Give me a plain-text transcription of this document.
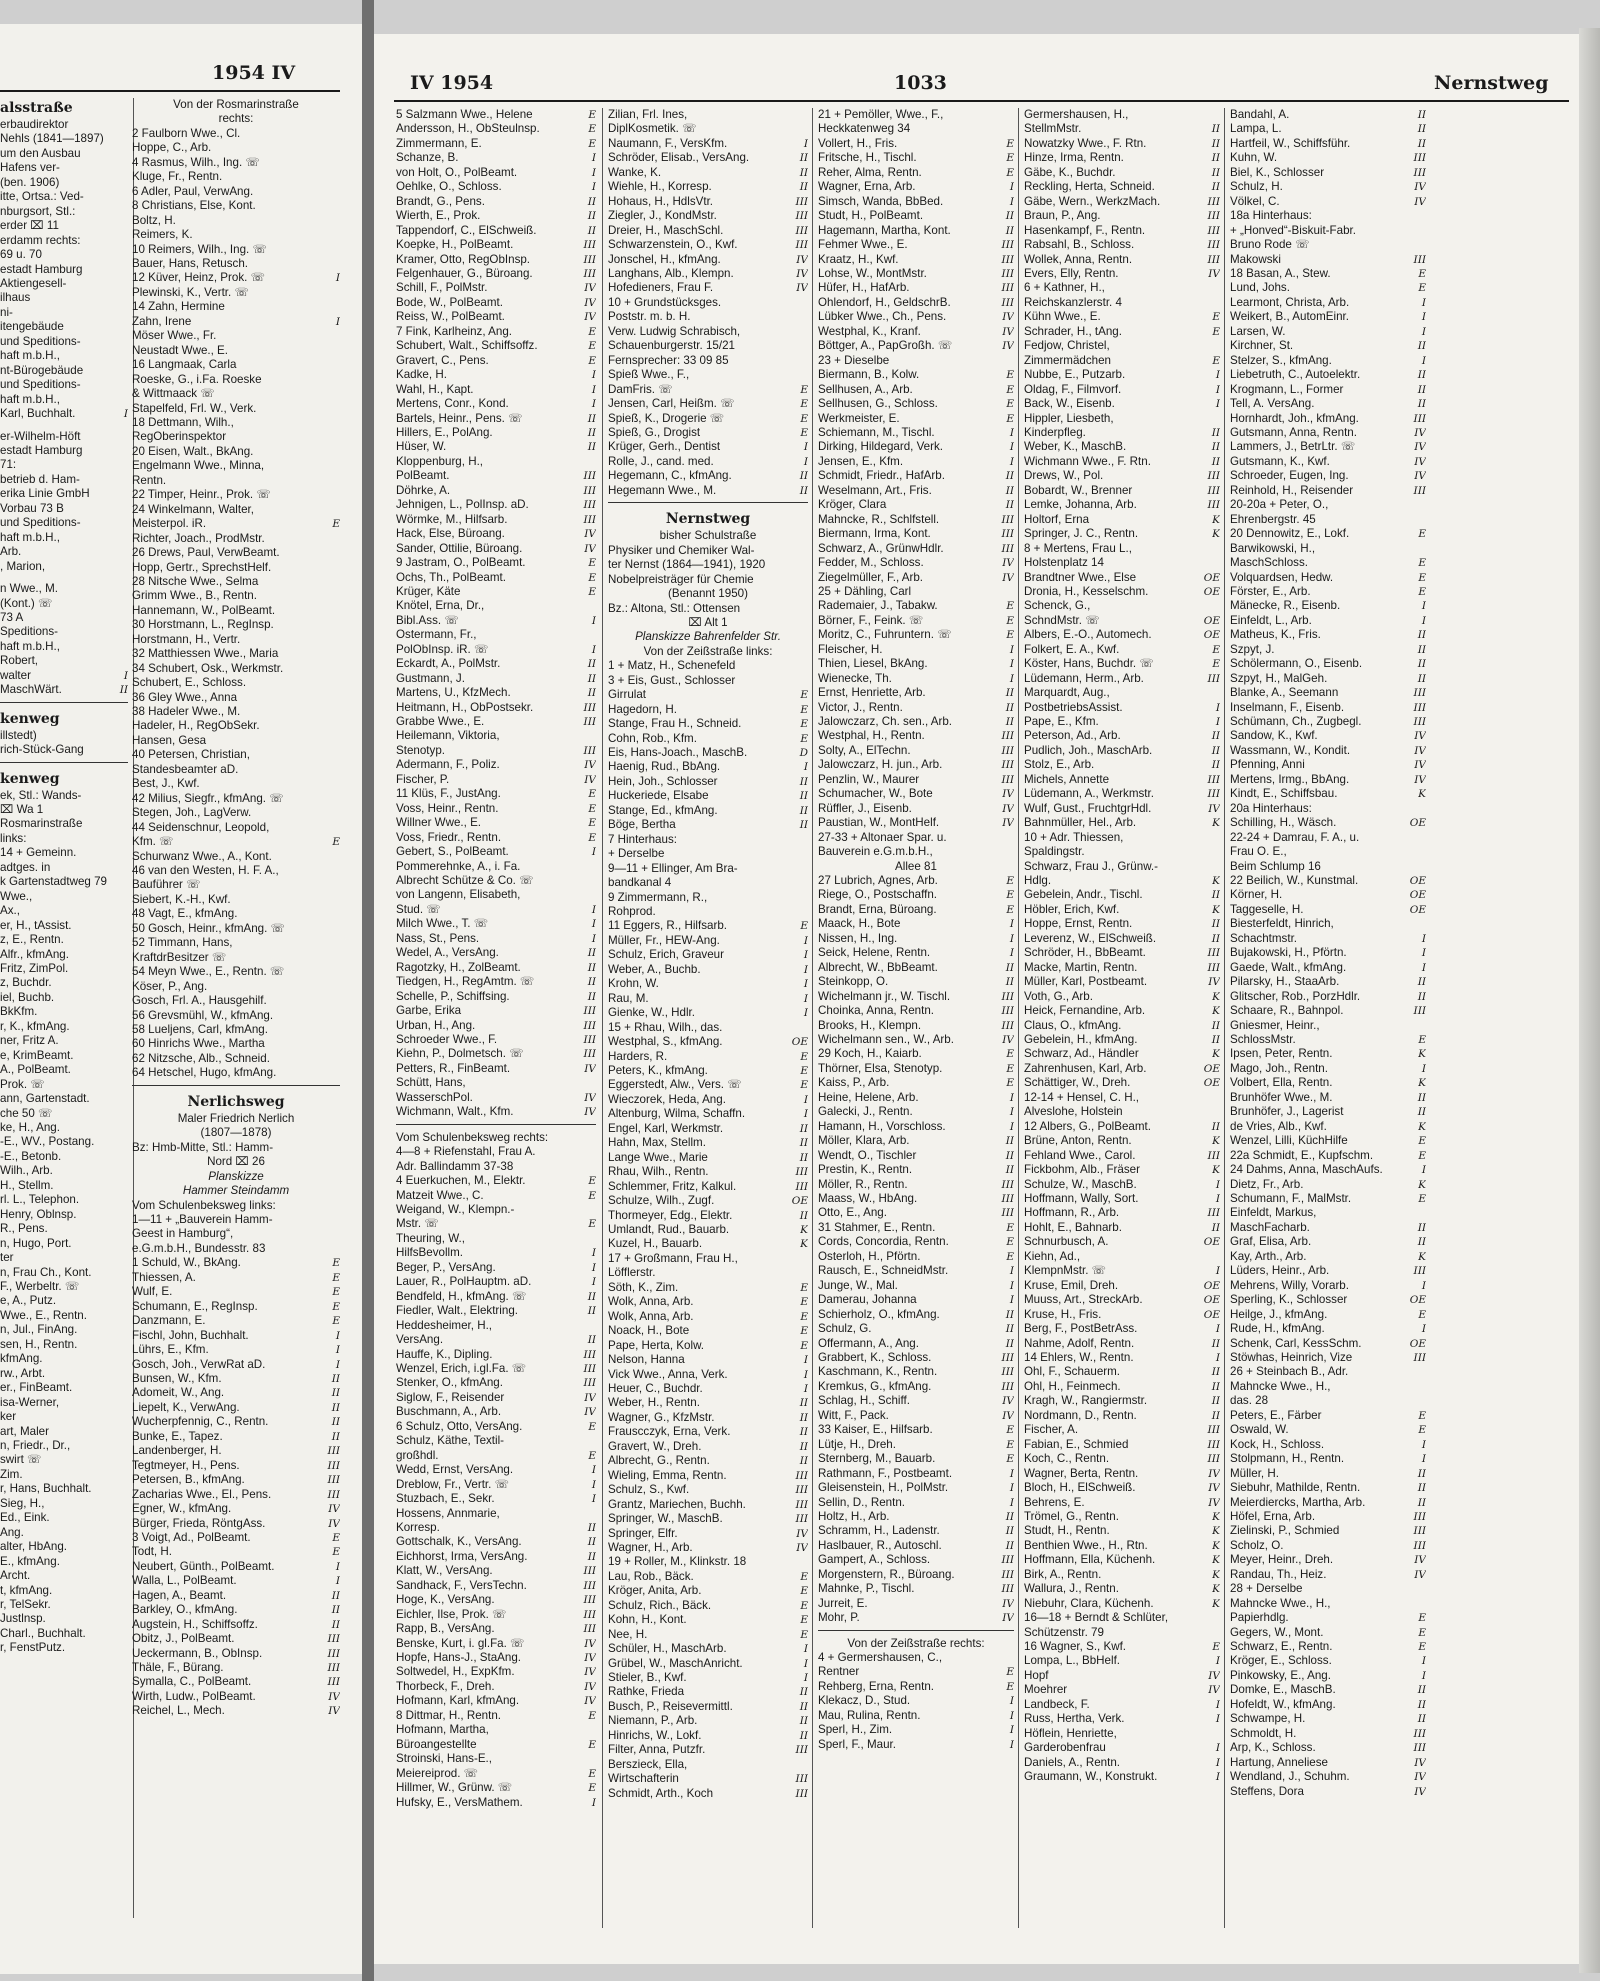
1954 IV
alsstraße
erbaudirektor
Nehls (1841—1897)
um den Ausbau
Hafens ver-
(ben. 1906)
itte, Ortsa.: Ved-
nburgsort, Stl.:
erder ⌧ 11
erdamm rechts:
69 u. 70
estadt Hamburg
Aktiengesell-
ilhaus
ni-
itengebäude
und Speditions-
haft m.b.H.,
nt-Bürogebäude
und Speditions-
haft m.b.H.,
Karl, Buchhalt.	I
er-Wilhelm-Höft
estadt Hamburg
71:
betrieb d. Ham-
erika Linie GmbH
Vorbau 73 B
und Speditions-
haft m.b.H.,
Arb.
, Marion,
n Wwe., M.
(Kont.) ☏
73 A
Speditions-
haft m.b.H.,
Robert,
walter	I
MaschWärt.	II
kenweg
illstedt)
rich-Stück-Gang
kenweg
ek, Stl.: Wands-
⌧ Wa 1
Rosmarinstraße
links:
14 + Gemeinn.
adtges. in
k Gartenstadtweg 79
Wwe.,
Ax.,
er, H., tAssist.
z, E., Rentn.
Alfr., kfmAng.
Fritz, ZimPol.
z, Buchdr.
iel, Buchb.
BkKfm.
r, K., kfmAng.
ner, Fritz A.
e, KrimBeamt.
A., PolBeamt.
Prok. ☏
ann, Gartenstadt.
che 50 ☏
ke, H., Ang.
-E., WV., Postang.
-E., Betonb.
Wilh., Arb.
H., Stellm.
rl. L., Telephon.
Henry, Oblnsp.
R., Pens.
n, Hugo, Port.
ter
n, Frau Ch., Kont.
F., Werbeltr. ☏
e, A., Putz.
Wwe., E., Rentn.
n, Jul., FinAng.
sen, H., Rentn.
kfmAng.
rw., Arbt.
er., FinBeamt.
isa-Werner,
ker
art, Maler
n, Friedr., Dr.,
swirt ☏
Zim.
r, Hans, Buchhalt.
Sieg, H.,
Ed., Eink.
Ang.
alter, HbAng.
E., kfmAng.
Archt.
t, kfmAng.
r, TelSekr.
Justlnsp.
Charl., Buchhalt.
r, FenstPutz.
Von der Rosmarinstraße
rechts:
2 Faulborn Wwe., Cl.
Hoppe, C., Arb.
4 Rasmus, Wilh., Ing. ☏
Kluge, Fr., Rentn.
6 Adler, Paul, VerwAng.
8 Christians, Else, Kont.
Boltz, H.
Reimers, K.
10 Reimers, Wilh., Ing. ☏
Bauer, Hans, Retusch.
12 Küver, Heinz, Prok. ☏	I
Plewinski, K., Vertr. ☏
14 Zahn, Hermine
Zahn, Irene	I
Möser Wwe., Fr.
Neustadt Wwe., E.
16 Langmaak, Carla
Roeske, G., i.Fa. Roeske
& Wittmaack ☏
Stapelfeld, Frl. W., Verk.
18 Dettmann, Wilh.,
RegOberinspektor
20 Eisen, Walt., BkAng.
Engelmann Wwe., Minna,
Rentn.
22 Timper, Heinr., Prok. ☏
24 Winkelmann, Walter,
Meisterpol. iR.	E
Richter, Joach., ProdMstr.
26 Drews, Paul, VerwBeamt.
Hopp, Gertr., SprechstHelf.
28 Nitsche Wwe., Selma
Grimm Wwe., B., Rentn.
Hannemann, W., PolBeamt.
30 Horstmann, L., RegInsp.
Horstmann, H., Vertr.
32 Matthiessen Wwe., Maria
34 Schubert, Osk., Werkmstr.
Schubert, E., Schloss.
36 Gley Wwe., Anna
38 Hadeler Wwe., M.
Hadeler, H., RegObSekr.
Hansen, Gesa
40 Petersen, Christian,
Standesbeamter aD.
Best, J., Kwf.
42 Milius, Siegfr., kfmAng. ☏
Stegen, Joh., LagVerw.
44 Seidenschnur, Leopold,
Kfm. ☏	E
Schurwanz Wwe., A., Kont.
46 van den Westen, H. F. A.,
Bauführer ☏
Siebert, K.-H., Kwf.
48 Vagt, E., kfmAng.
50 Gosch, Heinr., kfmAng. ☏
52 Timmann, Hans,
KraftdrBesitzer ☏
54 Meyn Wwe., E., Rentn. ☏
Köser, P., Ang.
Gosch, Frl. A., Hausgehilf.
56 Grevsmühl, W., kfmAng.
58 Lueljens, Carl, kfmAng.
60 Hinrichs Wwe., Martha
62 Nitzsche, Alb., Schneid.
64 Hetschel, Hugo, kfmAng.
Nerlichsweg
Maler Friedrich Nerlich
(1807—1878)
Bz: Hmb-Mitte, Stl.: Hamm-
Nord ⌧ 26
Planskizze
Hammer Steindamm
Vom Schulenbeksweg links:
1—11 + „Bauverein Hamm-
Geest in Hamburg“,
e.G.m.b.H., Bundesstr. 83
1 Schuld, W., BkAng.	E
Thiessen, A.	E
Wulf, E.	E
Schumann, E., RegInsp.	E
Danzmann, E.	E
Fischl, John, Buchhalt.	I
Lührs, E., Kfm.	I
Gosch, Joh., VerwRat aD.	I
Bunsen, W., Kfm.	II
Adomeit, W., Ang.	II
Liepelt, K., VerwAng.	II
Wucherpfennig, C., Rentn.	II
Bunke, E., Tapez.	II
Landenberger, H.	III
Tegtmeyer, H., Pens.	III
Petersen, B., kfmAng.	III
Zacharias Wwe., El., Pens.	III
Egner, W., kfmAng.	IV
Bürger, Frieda, RöntgAss.	IV
3 Voigt, Ad., PolBeamt.	E
Todt, H.	E
Neubert, Günth., PolBeamt.	I
Walla, L., PolBeamt.	I
Hagen, A., Beamt.	II
Barkley, O., kfmAng.	II
Augstein, H., Schiffsoffz.	II
Obitz, J., PolBeamt.	III
Ueckermann, B., ObInsp.	III
Thäle, F., Bürang.	III
Symalla, C., PolBeamt.	III
Wirth, Ludw., PolBeamt.	IV
Reichel, L., Mech.	IV
IV 1954	1033	Nernstweg
5 Salzmann Wwe., Helene	E
Andersson, H., ObSteulnsp.	E
Zimmermann, E.	E
Schanze, B.	I
von Holt, O., PolBeamt.	I
Oehlke, O., Schloss.	I
Brandt, G., Pens.	II
Wierth, E., Prok.	II
Tappendorf, C., ElSchweiß.	II
Koepke, H., PolBeamt.	III
Kramer, Otto, RegObInsp.	III
Felgenhauer, G., Büroang.	III
Schill, F., PolMstr.	IV
Bode, W., PolBeamt.	IV
Reiss, W., PolBeamt.	IV
7 Fink, Karlheinz, Ang.	E
Schubert, Walt., Schiffsoffz.	E
Gravert, C., Pens.	E
Kadke, H.	I
Wahl, H., Kapt.	I
Mertens, Conr., Kond.	I
Bartels, Heinr., Pens. ☏	II
Hillers, E., PolAng.	II
Hüser, W.	II
Kloppenburg, H.,
PolBeamt.	III
Döhrke, A.	III
Jehnigen, L., PolInsp. aD.	III
Wörmke, M., Hilfsarb.	III
Hack, Else, Büroang.	IV
Sander, Ottilie, Büroang.	IV
9 Jastram, O., PolBeamt.	E
Ochs, Th., PolBeamt.	E
Krüger, Käte	E
Knötel, Erna, Dr.,
Bibl.Ass. ☏	I
Ostermann, Fr.,
PolObInsp. iR. ☏	I
Eckardt, A., PolMstr.	II
Gustmann, J.	II
Martens, U., KfzMech.	II
Heitmann, H., ObPostsekr.	III
Grabbe Wwe., E.	III
Heilemann, Viktoria,
Stenotyp.	III
Adermann, F., Poliz.	IV
Fischer, P.	IV
11 Klüs, F., JustAng.	E
Voss, Heinr., Rentn.	E
Willner Wwe., E.	E
Voss, Friedr., Rentn.	E
Gebert, S., PolBeamt.	I
Pommerehnke, A., i. Fa.
Albrecht Schütze & Co. ☏
von Langenn, Elisabeth,
Stud. ☏	I
Milch Wwe., T. ☏	I
Nass, St., Pens.	I
Wedel, A., VersAng.	II
Ragotzky, H., ZolBeamt.	II
Tiedgen, H., RegAmtm. ☏	II
Schelle, P., Schiffsing.	II
Garbe, Erika	III
Urban, H., Ang.	III
Schroeder Wwe., F.	III
Kiehn, P., Dolmetsch. ☏	III
Petters, R., FinBeamt.	IV
Schütt, Hans,
WasserschPol.	IV
Wichmann, Walt., Kfm.	IV
Vom Schulenbeksweg rechts:
4—8 + Riefenstahl, Frau A.
Adr. Ballindamm 37-38
4 Euerkuchen, M., Elektr.	E
Matzeit Wwe., C.	E
Weigand, W., Klempn.-
Mstr. ☏	E
Theuring, W.,
HilfsBevollm.	I
Beger, P., VersAng.	I
Lauer, R., PolHauptm. aD.	I
Bendfeld, H., kfmAng. ☏	II
Fiedler, Walt., Elektring.	II
Heddesheimer, H.,
VersAng.	II
Hauffe, K., Dipling.	III
Wenzel, Erich, i.gl.Fa. ☏	III
Stenker, O., kfmAng.	III
Siglow, F., Reisender	IV
Buschmann, A., Arb.	IV
6 Schulz, Otto, VersAng.	E
Schulz, Käthe, Textil-
großhdl.	E
Wedd, Ernst, VersAng.	I
Dreblow, Fr., Vertr. ☏	I
Stuzbach, E., Sekr.	I
Hossens, Annmarie,
Korresp.	II
Gottschalk, K., VersAng.	II
Eichhorst, Irma, VersAng.	II
Klatt, W., VersAng.	III
Sandhack, F., VersTechn.	III
Hoge, K., VersAng.	III
Eichler, Ilse, Prok. ☏	III
Rapp, B., VersAng.	III
Benske, Kurt, i. gl.Fa. ☏	IV
Hopfe, Hans-J., StaAng.	IV
Soltwedel, H., ExpKfm.	IV
Thorbeck, F., Dreh.	IV
Hofmann, Karl, kfmAng.	IV
8 Dittmar, H., Rentn.	E
Hofmann, Martha,
Büroangestellte	E
Stroinski, Hans-E.,
Meiereiprod. ☏	E
Hillmer, W., Grünw. ☏	E
Hufsky, E., VersMathem.	I
Zilian, Frl. Ines,
DiplKosmetik. ☏
Naumann, F., VersKfm.	I
Schröder, Elisab., VersAng.	II
Wanke, K.	II
Wiehle, H., Korresp.	II
Hohaus, H., HdlsVtr.	III
Ziegler, J., KondMstr.	III
Dreier, H., MaschSchl.	III
Schwarzenstein, O., Kwf.	III
Jonschel, H., kfmAng.	IV
Langhans, Alb., Klempn.	IV
Hofedieners, Frau F.	IV
10 + Grundstücksges.
Poststr. m. b. H.
Verw. Ludwig Schrabisch,
Schauenburgerstr. 15/21
Fernsprecher: 33 09 85
Spieß Wwe., F.,
DamFris. ☏	E
Jensen, Carl, Heißm. ☏	E
Spieß, K., Drogerie ☏	E
Spieß, G., Drogist	E
Krüger, Gerh., Dentist	I
Rolle, J., cand. med.	I
Hegemann, C., kfmAng.	II
Hegemann Wwe., M.	II
Nernstweg
bisher Schulstraße
Physiker und Chemiker Wal-
ter Nernst (1864—1941), 1920
Nobelpreisträger für Chemie
(Benannt 1950)
Bz.: Altona, Stl.: Ottensen
⌧ Alt 1
Planskizze Bahrenfelder Str.
Von der Zeißstraße links:
1 + Matz, H., Schenefeld
3 + Eis, Gust., Schlosser
Girrulat	E
Hagedorn, H.	E
Stange, Frau H., Schneid.	E
Cohn, Rob., Kfm.	E
Eis, Hans-Joach., MaschB.	D
Haenig, Rud., BbAng.	I
Hein, Joh., Schlosser	II
Huckeriede, Elsabe	II
Stange, Ed., kfmAng.	II
Böge, Bertha	II
7 Hinterhaus:
+ Derselbe
9—11 + Ellinger, Am Bra-
bandkanal 4
9 Zimmermann, R.,
Rohprod.
11 Eggers, R., Hilfsarb.	E
Müller, Fr., HEW-Ang.	I
Schulz, Erich, Graveur	I
Weber, A., Buchb.	I
Krohn, W.	I
Rau, M.	I
Gienke, W., Hdlr.	I
15 + Rhau, Wilh., das.
Westphal, S., kfmAng.	OE
Harders, R.	E
Peters, K., kfmAng.	E
Eggerstedt, Alw., Vers. ☏	E
Wieczorek, Heda, Ang.	I
Altenburg, Wilma, Schaffn.	I
Engel, Karl, Werkmstr.	II
Hahn, Max, Stellm.	II
Lange Wwe., Marie	II
Rhau, Wilh., Rentn.	III
Schlemmer, Fritz, Kalkul.	III
Schulze, Wilh., Zugf.	OE
Thormeyer, Edg., Elektr.	II
Umlandt, Rud., Bauarb.	K
Kuzel, H., Bauarb.	K
17 + Großmann, Frau H.,
Löfflerstr.
Söth, K., Zim.	E
Wolk, Anna, Arb.	E
Wolk, Anna, Arb.	E
Noack, H., Bote	E
Pape, Herta, Kolw.	E
Nelson, Hanna	I
Vick Wwe., Anna, Verk.	I
Heuer, C., Buchdr.	I
Weber, H., Rentn.	II
Wagner, G., KfzMstr.	II
Frauscczyk, Erna, Verk.	II
Gravert, W., Dreh.	II
Albrecht, G., Rentn.	II
Wieling, Emma, Rentn.	III
Schulz, S., Kwf.	III
Grantz, Mariechen, Buchh.	III
Springer, W., MaschB.	III
Springer, Elfr.	IV
Wagner, H., Arb.	IV
19 + Roller, M., Klinkstr. 18
Lau, Rob., Bäck.	E
Kröger, Anita, Arb.	E
Schulz, Rich., Bäck.	E
Kohn, H., Kont.	E
Nee, H.	E
Schüler, H., MaschArb.	I
Grübel, W., MaschAnricht.	I
Stieler, B., Kwf.	I
Rathke, Frieda	II
Busch, P., Reisevermittl.	II
Niemann, P., Arb.	II
Hinrichs, W., Lokf.	II
Filter, Anna, Putzfr.	III
Berszieck, Ella,
Wirtschafterin	III
Schmidt, Arth., Koch	III
21 + Pemöller, Wwe., F.,
Heckkatenweg 34
Vollert, H., Fris.	E
Fritsche, H., Tischl.	E
Reher, Alma, Rentn.	E
Wagner, Erna, Arb.	I
Simsch, Wanda, BbBed.	I
Studt, H., PolBeamt.	II
Hagemann, Martha, Kont.	II
Fehmer Wwe., E.	III
Kraatz, H., Kwf.	III
Lohse, W., MontMstr.	III
Hüfer, H., HafArb.	III
Ohlendorf, H., GeldschrB.	III
Lübker Wwe., Ch., Pens.	IV
Westphal, K., Kranf.	IV
Böttger, A., PapGroßh. ☏	IV
23 + Dieselbe
Biermann, B., Kolw.	E
Sellhusen, A., Arb.	E
Sellhusen, G., Schloss.	E
Werkmeister, E.	E
Schiemann, M., Tischl.	I
Dirking, Hildegard, Verk.	I
Jensen, E., Kfm.	I
Schmidt, Friedr., HafArb.	II
Weselmann, Art., Fris.	II
Kröger, Clara	II
Mahncke, R., Schlfstell.	III
Biermann, Irma, Kont.	III
Schwarz, A., GrünwHdlr.	III
Fedder, M., Schloss.	IV
Ziegelmüller, F., Arb.	IV
25 + Dähling, Carl
Rademaier, J., Tabakw.	E
Börner, F., Feink. ☏	E
Moritz, C., Fuhruntern. ☏	E
Fleischer, H.	I
Thien, Liesel, BkAng.	I
Wienecke, Th.	I
Ernst, Henriette, Arb.	II
Victor, J., Rentn.	II
Jalowczarz, Ch. sen., Arb.	II
Westphal, H., Rentn.	III
Solty, A., ElTechn.	III
Jalowczarz, H. jun., Arb.	III
Penzlin, W., Maurer	III
Schumacher, W., Bote	IV
Rüffler, J., Eisenb.	IV
Paustian, W., MontHelf.	IV
27-33 + Altonaer Spar. u.
Bauverein e.G.m.b.H.,
Allee 81
27 Lubrich, Agnes, Arb.	E
Riege, O., Postschaffn.	E
Brandt, Erna, Büroang.	E
Maack, H., Bote	I
Nissen, H., Ing.	I
Seick, Helene, Rentn.	I
Albrecht, W., BbBeamt.	II
Steinkopp, O.	II
Wichelmann jr., W. Tischl.	III
Choinka, Anna, Rentn.	III
Brooks, H., Klempn.	III
Wichelmann sen., W., Arb.	IV
29 Koch, H., Kaiarb.	E
Thörner, Elsa, Stenotyp.	E
Kaiss, P., Arb.	E
Heine, Helene, Arb.	I
Galecki, J., Rentn.	I
Hamann, H., Vorschloss.	I
Möller, Klara, Arb.	II
Wendt, O., Tischler	II
Prestin, K., Rentn.	II
Möller, R., Rentn.	III
Maass, W., HbAng.	III
Otto, E., Ang.	III
31 Stahmer, E., Rentn.	E
Cords, Concordia, Rentn.	E
Osterloh, H., Pförtn.	E
Rausch, E., SchneidMstr.	I
Junge, W., Mal.	I
Damerau, Johanna	I
Schierholz, O., kfmAng.	II
Schulz, G.	II
Offermann, A., Ang.	II
Grabbert, K., Schloss.	III
Kaschmann, K., Rentn.	III
Kremkus, G., kfmAng.	III
Schlag, H., Schiff.	IV
Witt, F., Pack.	IV
33 Kaiser, E., Hilfsarb.	E
Lütje, H., Dreh.	E
Sternberg, M., Bauarb.	E
Rathmann, F., Postbeamt.	I
Gleisenstein, H., PolMstr.	I
Sellin, D., Rentn.	I
Holtz, H., Arb.	II
Schramm, H., Ladenstr.	II
Haslbauer, R., Autoschl.	II
Gampert, A., Schloss.	III
Morgenstern, R., Büroang.	III
Mahnke, P., Tischl.	III
Jurreit, E.	IV
Mohr, P.	IV
Von der Zeißstraße rechts:
4 + Germershausen, C.,
Rentner	E
Rehberg, Erna, Rentn.	E
Klekacz, D., Stud.	I
Mau, Rulina, Rentn.	I
Sperl, H., Zim.	I
Sperl, F., Maur.	I
Germershausen, H.,
StellmMstr.	II
Nowatzky Wwe., F. Rtn.	II
Hinze, Irma, Rentn.	II
Gäbe, K., Buchdr.	II
Reckling, Herta, Schneid.	II
Gäbe, Wern., WerkzMach.	III
Braun, P., Ang.	III
Hasenkampf, F., Rentn.	III
Rabsahl, B., Schloss.	III
Wollek, Anna, Rentn.	III
Evers, Elly, Rentn.	IV
6 + Kathner, H.,
Reichskanzlerstr. 4
Kühn Wwe., E.	E
Schrader, H., tAng.	E
Fedjow, Christel,
Zimmermädchen	E
Nubbe, E., Putzarb.	I
Oldag, F., Filmvorf.	I
Back, W., Eisenb.	I
Hippler, Liesbeth,
Kinderpfleg.	II
Weber, K., MaschB.	II
Wichmann Wwe., F. Rtn.	II
Drews, W., Pol.	III
Bobardt, W., Brenner	III
Lemke, Johanna, Arb.	III
Holtorf, Erna	K
Springer, J. C., Rentn.	K
8 + Mertens, Frau L.,
Holstenplatz 14
Brandtner Wwe., Else	OE
Dronia, H., Kesselschm.	OE
Schenck, G.,
SchndMstr. ☏	OE
Albers, E.-O., Automech.	OE
Folkert, E. A., Kwf.	E
Köster, Hans, Buchdr. ☏	E
Lüdemann, Herm., Arb.	III
Marquardt, Aug.,
PostbetriebsAssist.	I
Pape, E., Kfm.	I
Peterson, Ad., Arb.	II
Pudlich, Joh., MaschArb.	II
Stolz, E., Arb.	II
Michels, Annette	III
Lüdemann, A., Werkmstr.	III
Wulf, Gust., FruchtgrHdl.	IV
Bahnmüller, Hel., Arb.	K
10 + Adr. Thiessen,
Spaldingstr.
Schwarz, Frau J., Grünw.-
Hdlg.	K
Gebelein, Andr., Tischl.	II
Höbler, Erich, Kwf.	K
Hoppe, Ernst, Rentn.	II
Leverenz, W., ElSchweiß.	II
Schröder, H., BbBeamt.	III
Macke, Martin, Rentn.	III
Müller, Karl, Postbeamt.	IV
Voth, G., Arb.	K
Heick, Fernandine, Arb.	K
Claus, O., kfmAng.	II
Gebelein, H., kfmAng.	II
Schwarz, Ad., Händler	K
Zahrenhusen, Karl, Arb.	OE
Schättiger, W., Dreh.	OE
12-14 + Hensel, C. H.,
Alveslohe, Holstein
12 Albers, G., PolBeamt.	II
Brüne, Anton, Rentn.	K
Fehland Wwe., Carol.	III
Fickbohm, Alb., Fräser	K
Schulze, W., MaschB.	I
Hoffmann, Wally, Sort.	I
Hoffmann, R., Arb.	III
Hohlt, E., Bahnarb.	II
Schnurbusch, A.	OE
Kiehn, Ad.,
KlempnMstr. ☏	I
Kruse, Emil, Dreh.	OE
Muuss, Art., StreckArb.	OE
Kruse, H., Fris.	OE
Berg, F., PostBetrAss.	I
Nahme, Adolf, Rentn.	II
14 Ehlers, W., Rentn.	I
Ohl, F., Schauerm.	II
Ohl, H., Feinmech.	II
Kragh, W., Rangiermstr.	II
Nordmann, D., Rentn.	II
Fischer, A.	III
Fabian, E., Schmied	III
Koch, C., Rentn.	III
Wagner, Berta, Rentn.	IV
Bloch, H., ElSchweiß.	IV
Behrens, E.	IV
Trömel, G., Rentn.	K
Studt, H., Rentn.	K
Benthien Wwe., H., Rtn.	K
Hoffmann, Ella, Küchenh.	K
Birk, A., Rentn.	K
Wallura, J., Rentn.	K
Niebuhr, Clara, Küchenh.	K
16—18 + Berndt & Schlüter,
Schützenstr. 79
16 Wagner, S., Kwf.	E
Lompa, L., BbHelf.	I
Hopf	IV
Moehrer	IV
Landbeck, F.	I
Russ, Hertha, Verk.	I
Höflein, Henriette,
Garderobenfrau	I
Daniels, A., Rentn.	I
Graumann, W., Konstrukt.	I
Bandahl, A.	II
Lampa, L.	II
Hartfeil, W., Schiffsführ.	II
Kuhn, W.	III
Biel, K., Schlosser	III
Schulz, H.	IV
Völkel, C.	IV
18a Hinterhaus:
+ „Honved“-Biskuit-Fabr.
Bruno Rode ☏
Makowski	III
18 Basan, A., Stew.	E
Lund, Johs.	E
Learmont, Christa, Arb.	I
Weikert, B., AutomEinr.	I
Larsen, W.	I
Kirchner, St.	II
Stelzer, S., kfmAng.	I
Liebetruth, C., Autoelektr.	II
Krogmann, L., Former	II
Tell, A. VersAng.	II
Hornhardt, Joh., kfmAng.	III
Gutsmann, Anna, Rentn.	IV
Lammers, J., BetrLtr. ☏	IV
Gutsmann, K., Kwf.	IV
Schroeder, Eugen, Ing.	IV
Reinhold, H., Reisender	III
20-20a + Peter, O.,
Ehrenbergstr. 45
20 Dennowitz, E., Lokf.	E
Barwikowski, H.,
MaschSchloss.	E
Volquardsen, Hedw.	E
Förster, E., Arb.	E
Mänecke, R., Eisenb.	I
Einfeldt, L., Arb.	I
Matheus, K., Fris.	II
Szpyt, J.	II
Schölermann, O., Eisenb.	II
Szpyt, H., MalGeh.	II
Blanke, A., Seemann	III
Inselmann, F., Eisenb.	III
Schümann, Ch., Zugbegl.	III
Sandow, K., Kwf.	IV
Wassmann, W., Kondit.	IV
Pfenning, Anni	IV
Mertens, Irmg., BbAng.	IV
Kindt, E., Schiffsbau.	K
20a Hinterhaus:
Schilling, H., Wäsch.	OE
22-24 + Damrau, F. A., u.
Frau O. E.,
Beim Schlump 16
22 Beilich, W., Kunstmal.	OE
Körner, H.	OE
Taggeselle, H.	OE
Biesterfeldt, Hinrich,
Schachtmstr.	I
Bujakowski, H., Pförtn.	I
Gaede, Walt., kfmAng.	I
Pilarsky, H., StaaArb.	II
Glitscher, Rob., PorzHdlr.	II
Schaare, R., Bahnpol.	III
Gniesmer, Heinr.,
SchlossMstr.	E
Ipsen, Peter, Rentn.	K
Mago, Joh., Rentn.	I
Volbert, Ella, Rentn.	K
Brunhöfer Wwe., M.	II
Brunhöfer, J., Lagerist	II
de Vries, Alb., Kwf.	K
Wenzel, Lilli, KüchHilfe	E
22a Schmidt, E., Kupfschm.	E
24 Dahms, Anna, MaschAufs.	I
Dietz, Fr., Arb.	K
Schumann, F., MalMstr.	E
Einfeldt, Markus,
MaschFacharb.	II
Graf, Elisa, Arb.	II
Kay, Arth., Arb.	K
Lüders, Heinr., Arb.	III
Mehrens, Willy, Vorarb.	I
Sperling, K., Schlosser	OE
Heilge, J., kfmAng.	E
Rude, H., kfmAng.	I
Schenk, Carl, KessSchm.	OE
Stöwhas, Heinrich, Vize	III
26 + Steinbach B., Adr.
Mahncke Wwe., H.,
das. 28
Peters, E., Färber	E
Oswald, W.	E
Kock, H., Schloss.	I
Stolpmann, H., Rentn.	I
Müller, H.	II
Siebuhr, Mathilde, Rentn.	II
Meierdiercks, Martha, Arb.	II
Höfel, Erna, Arb.	III
Zielinski, P., Schmied	III
Scholz, O.	III
Meyer, Heinr., Dreh.	IV
Randau, Th., Heiz.	IV
28 + Derselbe
Mahncke Wwe., H.,
Papierhdlg.	E
Gegers, W., Mont.	E
Schwarz, E., Rentn.	E
Kröger, E., Schloss.	I
Pinkowsky, E., Ang.	I
Domke, E., MaschB.	II
Hofeldt, W., kfmAng.	II
Schwampe, H.	II
Schmoldt, H.	III
Arp, K., Schloss.	III
Hartung, Anneliese	IV
Wendland, J., Schuhm.	IV
Steffens, Dora	IV
